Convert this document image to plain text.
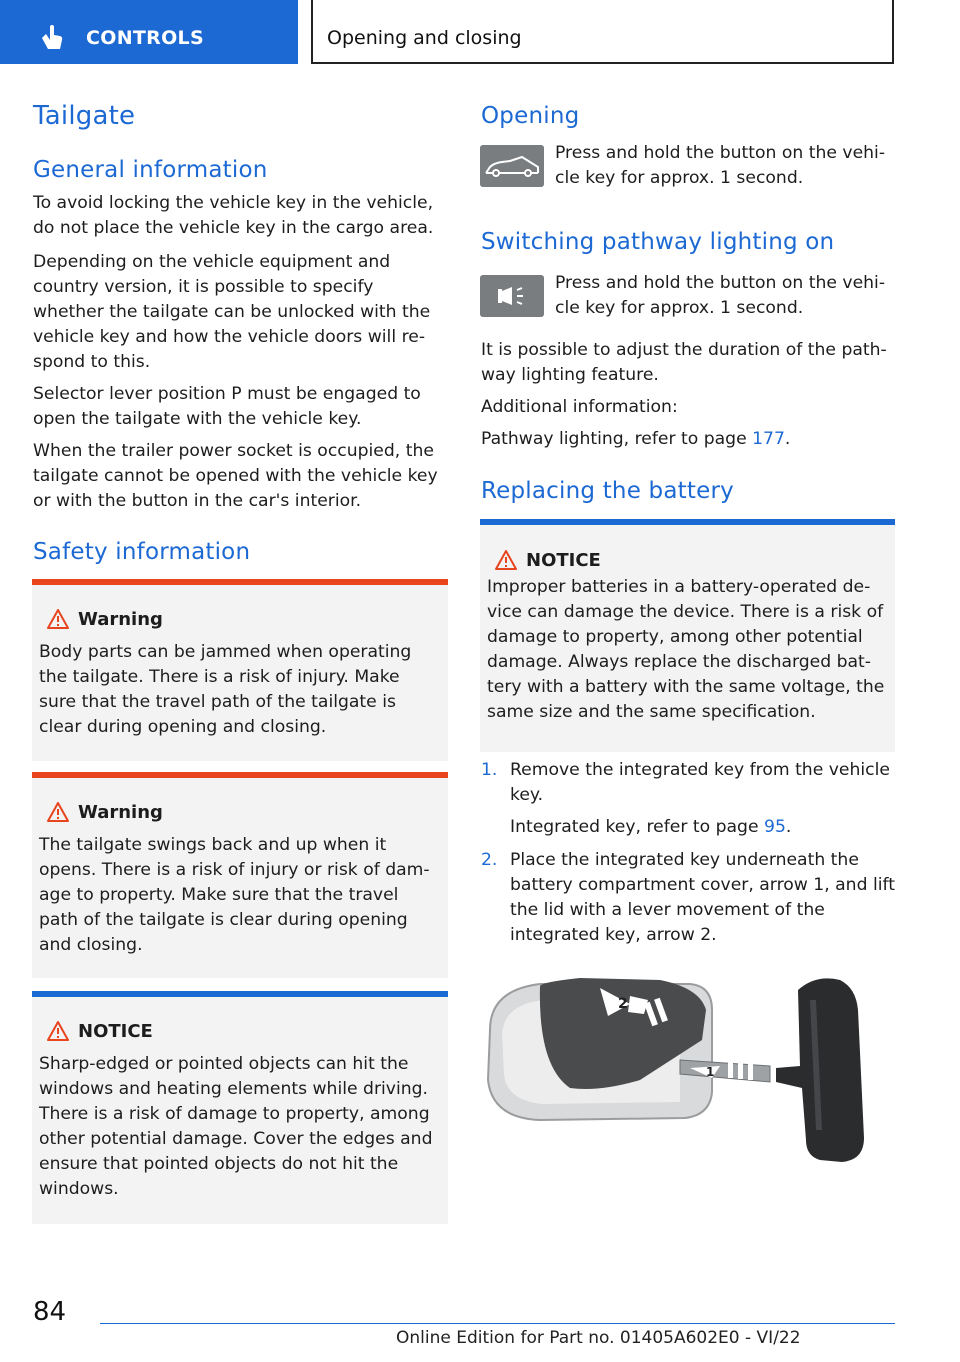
CONTROLS	Opening and closing
Tailgate
General information

To avoid locking the vehicle key in the vehicle, do not place the vehicle key in the cargo area.

Depending on the vehicle equipment and country version, it is possible to specify whether the tailgate can be unlocked with the vehicle key and how the vehicle doors will re-spond to this.

Selector lever position P must be engaged to open the tailgate with the vehicle key.

When the trailer power socket is occupied, the tailgate cannot be opened with the vehicle key or with the button in the car's interior.

Safety information
Warning

Body parts can be jammed when operating the tailgate. There is a risk of injury. Make sure that the travel path of the tailgate is clear during opening and closing.

Warning

The tailgate swings back and up when it opens. There is a risk of injury or risk of dam-age to property. Make sure that the travel path of the tailgate is clear during opening and closing.

NOTICE

Sharp-edged or pointed objects can hit the windows and heating elements while driving. There is a risk of damage to property, among other potential damage. Cover the edges and ensure that pointed objects do not hit the windows.

Opening

Press and hold the button on the vehi-cle key for approx. 1 second.

Switching pathway lighting on

Press and hold the button on the vehi-cle key for approx. 1 second.

It is possible to adjust the duration of the path-way lighting feature.

Additional information:

Pathway lighting, refer to page 177.

Replacing the battery
NOTICE

Improper batteries in a battery-operated de-vice can damage the device. There is a risk of damage to property, among other potential damage. Always replace the discharged bat-tery with a battery with the same voltage, the same size and the same specification.

1. Remove the integrated key from the vehicle key.

Integrated key, refer to page 95.

2. Place the integrated key underneath the battery compartment cover, arrow 1, and lift the lid with a lever movement of the integrated key, arrow 2.

2
1
84
Online Edition for Part no. 01405A602E0 - VI/22
